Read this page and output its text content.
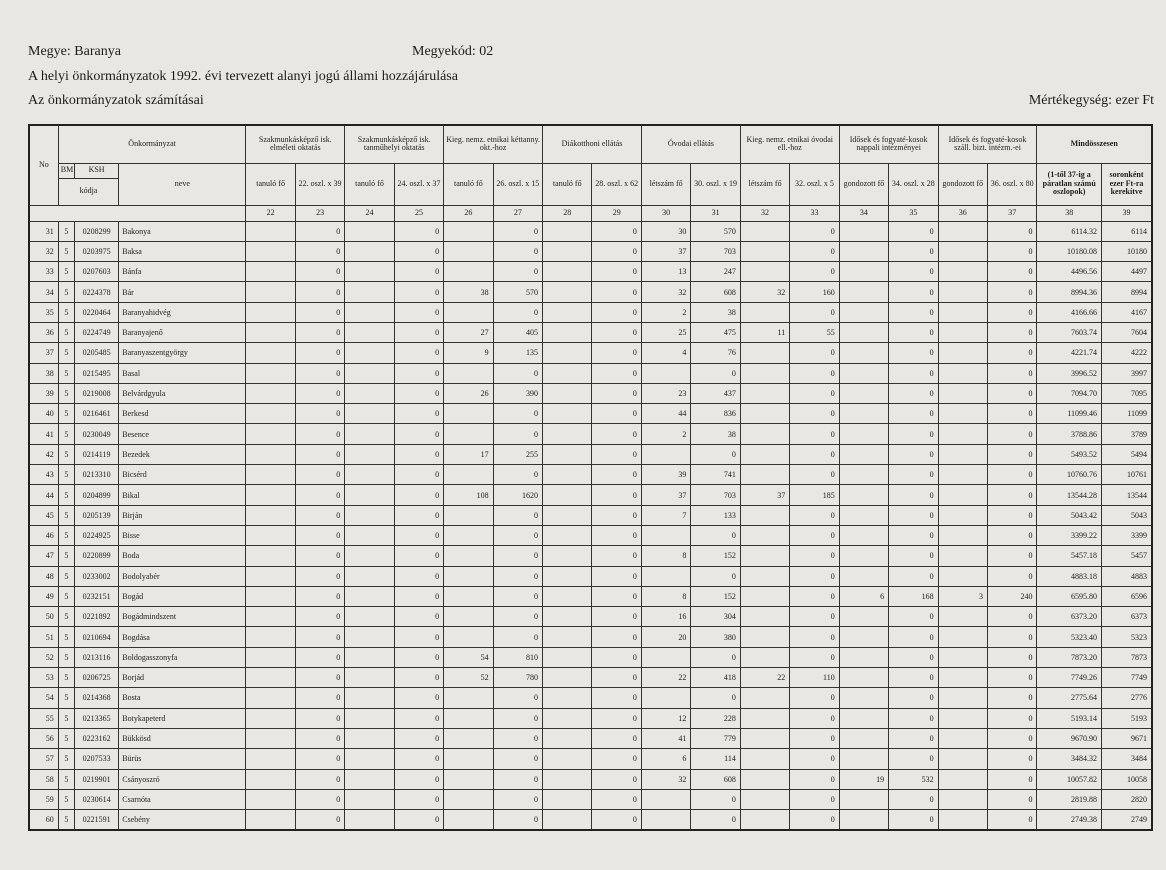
Megye: Baranya	Megyekód: 02
A helyi önkormányzatok 1992. évi tervezett alanyi jogú állami hozzájárulása
Az önkormányzatok számításai	Mértékegység: ezer Ft
No	Önkormányzat			Szakmunkásképző isk. elméleti oktatás		Szakmunkásképző isk. tanműhelyi oktatás		Kieg. nemz. etnikai kéttanny. okt.-hoz		Diákotthoni ellátás		Óvodai ellátás		Kieg. nemz. etnikai óvodai ell.-hoz		Idősek és fogyaté-kosok nappali intézményei		Idősek és fogyaté-kosok száll. bizt. intézm.-ei		Mindösszesen	
	BM	KSH	neve	tanuló fő	22. oszl. x 39	tanuló fő	24. oszl. x 37	tanuló fő	26. oszl. x 15	tanuló fő	28. oszl. x 62	létszám fő	30. oszl. x 19	létszám fő	32. oszl. x 5	gondozott fő	34. oszl. x 28	gondozott fő	36. oszl. x 80	(1-től 37-ig a páratlan számú oszlopok)	soronként ezer Ft-ra kerekítve
	kódja																				
				22	23	24	25	26	27	28	29	30	31	32	33	34	35	36	37	38	39
31	5	0208299	Bakonya		0		0		0		0	30	570		0		0		0	6114.32	6114
32	5	0203975	Baksa		0		0		0		0	37	703		0		0		0	10180.08	10180
33	5	0207603	Bánfa		0		0		0		0	13	247		0		0		0	4496.56	4497
34	5	0224378	Bár		0		0	38	570		0	32	608	32	160		0		0	8994.36	8994
35	5	0220464	Baranyahidvég		0		0		0		0	2	38		0		0		0	4166.66	4167
36	5	0224749	Baranyajenő		0		0	27	405		0	25	475	11	55		0		0	7603.74	7604
37	5	0205485	Baranyaszentgyörgy		0		0	9	135		0	4	76		0		0		0	4221.74	4222
38	5	0215495	Basal		0		0		0		0		0		0		0		0	3996.52	3997
39	5	0219008	Belvárdgyula		0		0	26	390		0	23	437		0		0		0	7094.70	7095
40	5	0216461	Berkesd		0		0		0		0	44	836		0		0		0	11099.46	11099
41	5	0230049	Besence		0		0		0		0	2	38		0		0		0	3788.86	3789
42	5	0214119	Bezedek		0		0	17	255		0		0		0		0		0	5493.52	5494
43	5	0213310	Bicsérd		0		0		0		0	39	741		0		0		0	10760.76	10761
44	5	0204899	Bikal		0		0	108	1620		0	37	703	37	185		0		0	13544.28	13544
45	5	0205139	Birján		0		0		0		0	7	133		0		0		0	5043.42	5043
46	5	0224925	Bisse		0		0		0		0		0		0		0		0	3399.22	3399
47	5	0220899	Boda		0		0		0		0	8	152		0		0		0	5457.18	5457
48	5	0233002	Bodolyabér		0		0		0		0		0		0		0		0	4883.18	4883
49	5	0232151	Bogád		0		0		0		0	8	152		0	6	168	3	240	6595.80	6596
50	5	0221892	Bogádmindszent		0		0		0		0	16	304		0		0		0	6373.20	6373
51	5	0210694	Bogdása		0		0		0		0	20	380		0		0		0	5323.40	5323
52	5	0213116	Boldogasszonyfa		0		0	54	810		0		0		0		0		0	7873.20	7873
53	5	0206725	Borjád		0		0	52	780		0	22	418	22	110		0		0	7749.26	7749
54	5	0214368	Bosta		0		0		0		0		0		0		0		0	2775.64	2776
55	5	0213365	Botykapeterd		0		0		0		0	12	228		0		0		0	5193.14	5193
56	5	0223162	Bükkösd		0		0		0		0	41	779		0		0		0	9670.90	9671
57	5	0207533	Bürüs		0		0		0		0	6	114		0		0		0	3484.32	3484
58	5	0219901	Csányoszró		0		0		0		0	32	608		0	19	532		0	10057.82	10058
59	5	0230614	Csarnóta		0		0		0		0		0		0		0		0	2819.88	2820
60	5	0221591	Csebény		0		0		0		0		0		0		0		0	2749.38	2749
